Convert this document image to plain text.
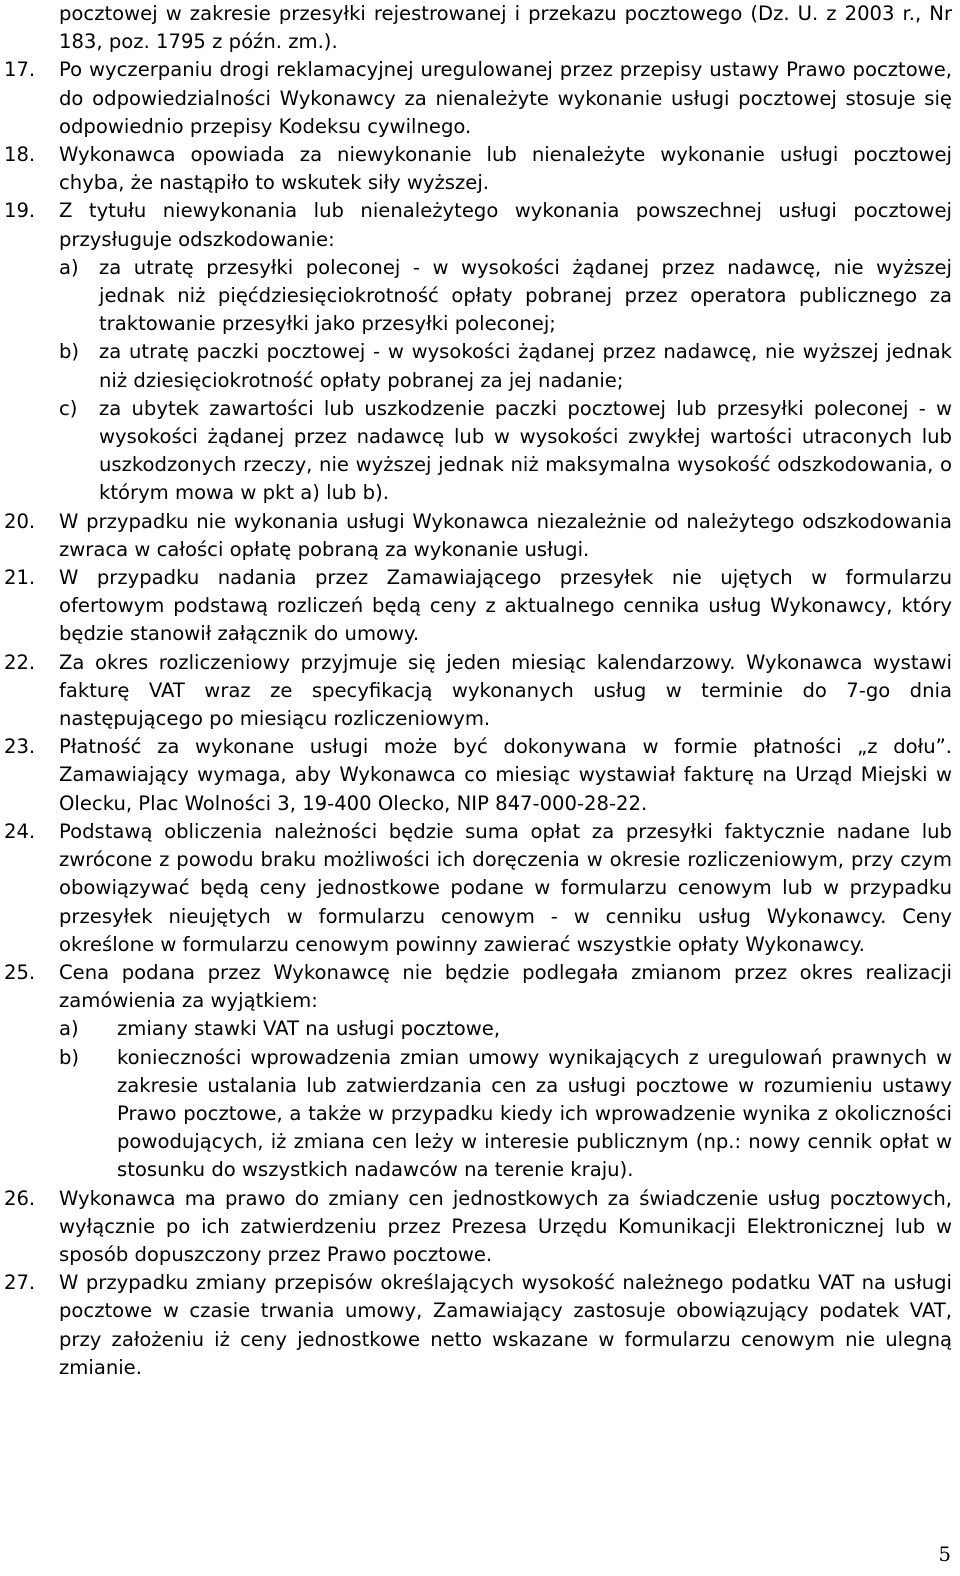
pocztowej w zakresie przesyłki rejestrowanej i przekazu pocztowego (Dz. U. z 2003 r., Nr 183, poz. 1795 z późn. zm.).
17. Po wyczerpaniu drogi reklamacyjnej uregulowanej przez przepisy ustawy Prawo pocztowe, do odpowiedzialności Wykonawcy za nienależyte wykonanie usługi pocztowej stosuje się odpowiednio przepisy Kodeksu cywilnego.
18. Wykonawca opowiada za niewykonanie lub nienależyte wykonanie usługi pocztowej chyba, że nastąpiło to wskutek siły wyższej.
19. Z tytułu niewykonania lub nienależytego wykonania powszechnej usługi pocztowej przysługuje odszkodowanie:
a) za utratę przesyłki poleconej - w wysokości żądanej przez nadawcę, nie wyższej jednak niż pięćdziesięciokrotność opłaty pobranej przez operatora publicznego za traktowanie przesyłki jako przesyłki poleconej;
b) za utratę paczki pocztowej - w wysokości żądanej przez nadawcę, nie wyższej jednak niż dziesięciokrotność opłaty pobranej za jej nadanie;
c) za ubytek zawartości lub uszkodzenie paczki pocztowej lub przesyłki poleconej - w wysokości żądanej przez nadawcę lub w wysokości zwykłej wartości utraconych lub uszkodzonych rzeczy, nie wyższej jednak niż maksymalna wysokość odszkodowania, o którym mowa w pkt a) lub b).
20. W przypadku nie wykonania usługi Wykonawca niezależnie od należytego odszkodowania zwraca w całości opłatę pobraną za wykonanie usługi.
21. W przypadku nadania przez Zamawiającego przesyłek nie ujętych w formularzu ofertowym podstawą rozliczeń będą ceny z aktualnego cennika usług Wykonawcy, który będzie stanowił załącznik do umowy.
22. Za okres rozliczeniowy przyjmuje się jeden miesiąc kalendarzowy. Wykonawca wystawi fakturę VAT wraz ze specyfikacją wykonanych usług w terminie do 7-go dnia następującego po miesiącu rozliczeniowym.
23. Płatność za wykonane usługi może być dokonywana w formie płatności „z dołu”. Zamawiający wymaga, aby Wykonawca co miesiąc wystawiał fakturę na Urząd Miejski w Olecku, Plac Wolności 3, 19-400 Olecko, NIP 847-000-28-22.
24. Podstawą obliczenia należności będzie suma opłat za przesyłki faktycznie nadane lub zwrócone z powodu braku możliwości ich doręczenia w okresie rozliczeniowym, przy czym obowiązywać będą ceny jednostkowe podane w formularzu cenowym lub w przypadku przesyłek nieujętych w formularzu cenowym - w cenniku usług Wykonawcy. Ceny określone w formularzu cenowym powinny zawierać wszystkie opłaty Wykonawcy.
25. Cena podana przez Wykonawcę nie będzie podlegała zmianom przez okres realizacji zamówienia za wyjątkiem:
a) zmiany stawki VAT na usługi pocztowe,
b) konieczności wprowadzenia zmian umowy wynikających z uregulowań prawnych w zakresie ustalania lub zatwierdzania cen za usługi pocztowe w rozumieniu ustawy Prawo pocztowe, a także w przypadku kiedy ich wprowadzenie wynika z okoliczności powodujących, iż zmiana cen leży w interesie publicznym (np.: nowy cennik opłat w stosunku do wszystkich nadawców na terenie kraju).
26. Wykonawca ma prawo do zmiany cen jednostkowych za świadczenie usług pocztowych, wyłącznie po ich zatwierdzeniu przez Prezesa Urzędu Komunikacji Elektronicznej lub w sposób dopuszczony przez Prawo pocztowe.
27. W przypadku zmiany przepisów określających wysokość należnego podatku VAT na usługi pocztowe w czasie trwania umowy, Zamawiający zastosuje obowiązujący podatek VAT, przy założeniu iż ceny jednostkowe netto wskazane w formularzu cenowym nie ulegną zmianie.
5
